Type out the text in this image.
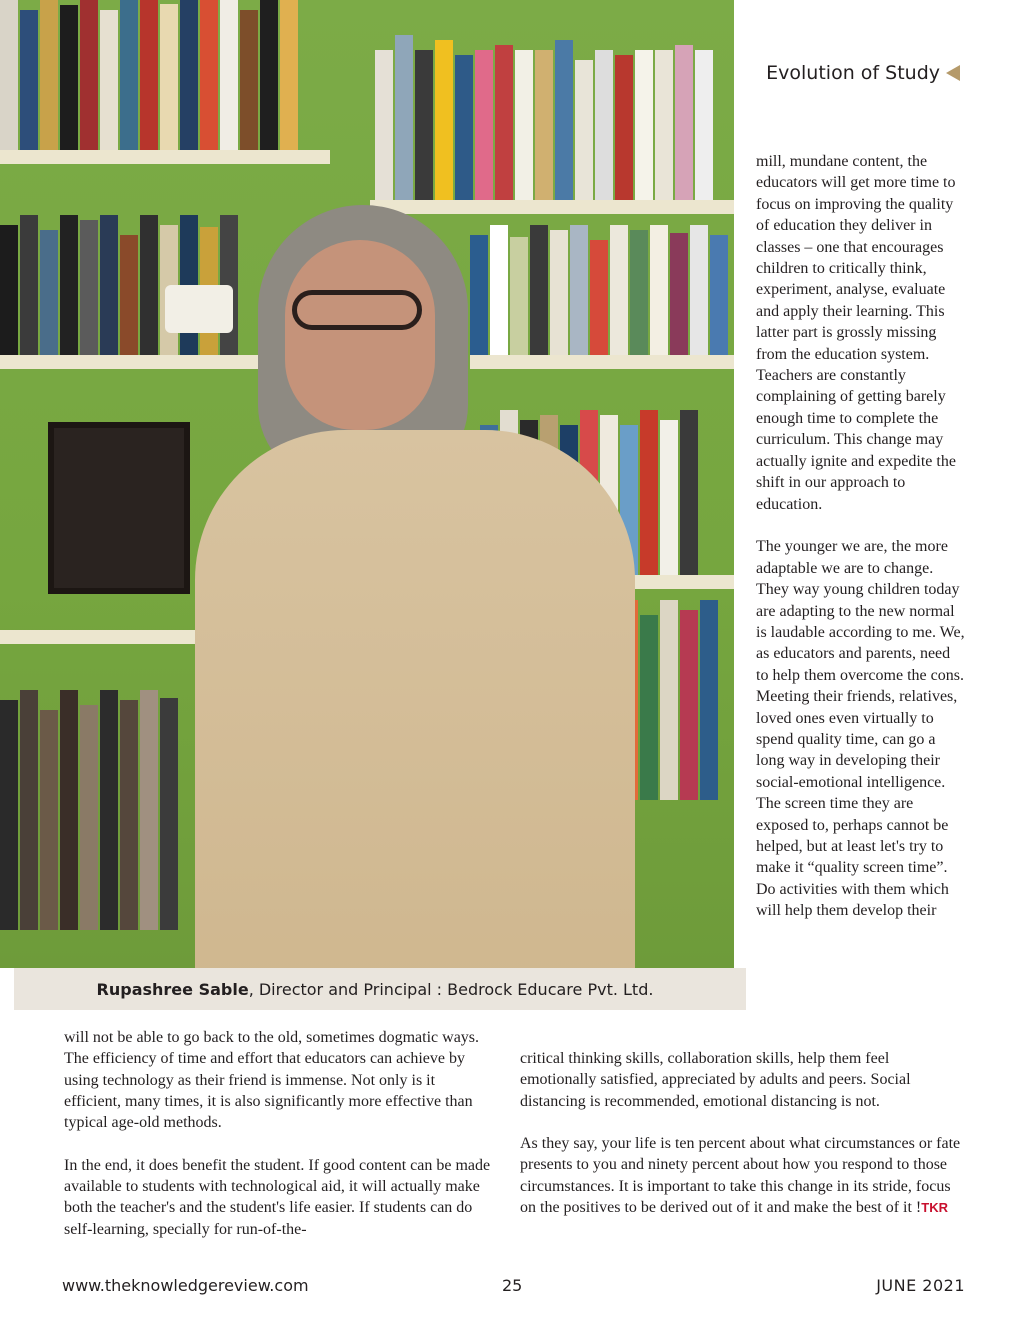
Evolution of Study

mill, mundane content, the educators will get more time to focus on improving the quality of education they deliver in classes – one that encourages children to critically think, experiment, analyse, evaluate and apply their learning. This latter part is grossly missing from the education system. Teachers are constantly complaining of getting barely enough time to complete the curriculum. This change may actually ignite and expedite the shift in our approach to education.

The younger we are, the more adaptable we are to change. They way young children today are adapting to the new normal is laudable according to me. We, as educators and parents, need to help them overcome the cons. Meeting their friends, relatives, loved ones even virtually to spend quality time, can go a long way in developing their social-emotional intelligence. The screen time they are exposed to, perhaps cannot be helped, but at least let's try to make it “quality screen time”. Do activities with them which will help them develop their

Rupashree Sable, Director and Principal : Bedrock Educare Pvt. Ltd.

will not be able to go back to the old, sometimes dogmatic ways. The efficiency of time and effort that educators can achieve by using technology as their friend is immense. Not only is it efficient, many times, it is also significantly more effective than typical age-old methods.

In the end, it does benefit the student. If good content can be made available to students with technological aid, it will actually make both the teacher's and the student's life easier. If students can do self-learning, specially for run-of-the-

critical thinking skills, collaboration skills, help them feel emotionally satisfied, appreciated by adults and peers. Social distancing is recommended, emotional distancing is not.

As they say, your life is ten percent about what circumstances or fate presents to you and ninety percent about how you respond to those circumstances. It is important to take this change in its stride, focus on the positives to be derived out of it and make the best of it !TKR

www.theknowledgereview.com	25	JUNE 2021
